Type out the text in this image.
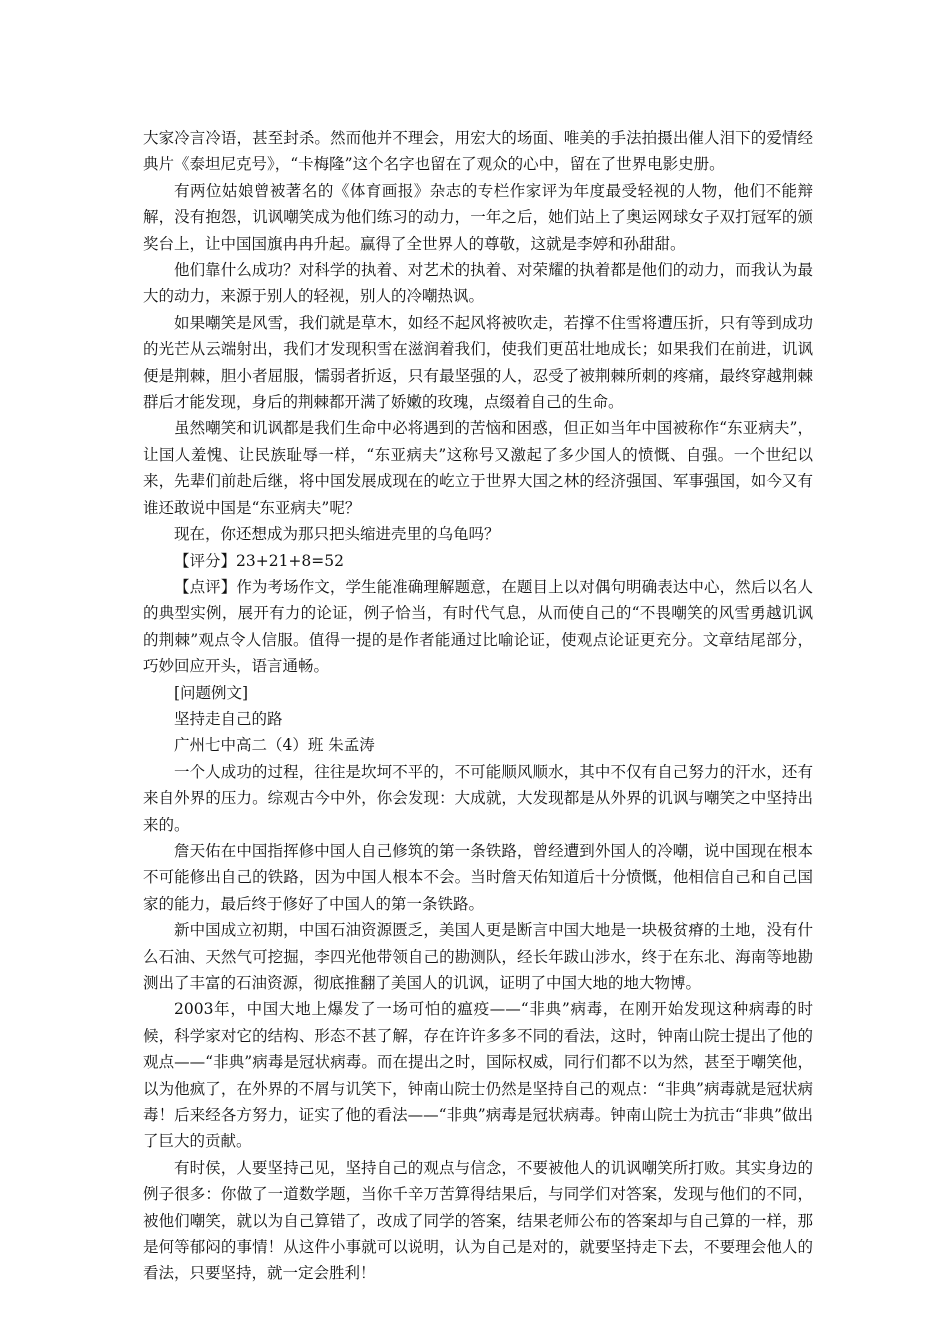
大家冷言冷语，甚至封杀。然而他并不理会，用宏大的场面、唯美的手法拍摄出催人泪下的爱情经典片《泰坦尼克号》，“卡梅隆”这个名字也留在了观众的心中，留在了世界电影史册。

有两位姑娘曾被著名的《体育画报》杂志的专栏作家评为年度最受轻视的人物，他们不能辩解，没有抱怨，讥讽嘲笑成为他们练习的动力，一年之后，她们站上了奥运网球女子双打冠军的颁奖台上，让中国国旗冉冉升起。赢得了全世界人的尊敬，这就是李婷和孙甜甜。

他们靠什么成功？对科学的执着、对艺术的执着、对荣耀的执着都是他们的动力，而我认为最大的动力，来源于别人的轻视，别人的冷嘲热讽。

如果嘲笑是风雪，我们就是草木，如经不起风将被吹走，若撑不住雪将遭压折，只有等到成功的光芒从云端射出，我们才发现积雪在滋润着我们，使我们更茁壮地成长；如果我们在前进，讥讽便是荆棘，胆小者屈服，懦弱者折返，只有最坚强的人，忍受了被荆棘所刺的疼痛，最终穿越荆棘群后才能发现，身后的荆棘都开满了娇嫩的玫瑰，点缀着自己的生命。

虽然嘲笑和讥讽都是我们生命中必将遇到的苦恼和困惑，但正如当年中国被称作“东亚病夫”，让国人羞愧、让民族耻辱一样，“东亚病夫”这称号又激起了多少国人的愤慨、自强。一个世纪以来，先辈们前赴后继，将中国发展成现在的屹立于世界大国之林的经济强国、军事强国，如今又有谁还敢说中国是“东亚病夫”呢？

现在，你还想成为那只把头缩进壳里的乌龟吗？

【评分】23+21+8=52

【点评】作为考场作文，学生能准确理解题意，在题目上以对偶句明确表达中心，然后以名人的典型实例，展开有力的论证，例子恰当，有时代气息，从而使自己的“不畏嘲笑的风雪勇越讥讽的荆棘”观点令人信服。值得一提的是作者能通过比喻论证，使观点论证更充分。文章结尾部分，巧妙回应开头，语言通畅。

[问题例文]

坚持走自己的路

广州七中高二（4）班 朱孟涛

一个人成功的过程，往往是坎坷不平的，不可能顺风顺水，其中不仅有自己努力的汗水，还有来自外界的压力。综观古今中外，你会发现：大成就，大发现都是从外界的讥讽与嘲笑之中坚持出来的。

詹天佑在中国指挥修中国人自己修筑的第一条铁路，曾经遭到外国人的冷嘲，说中国现在根本不可能修出自己的铁路，因为中国人根本不会。当时詹天佑知道后十分愤慨，他相信自己和自己国家的能力，最后终于修好了中国人的第一条铁路。

新中国成立初期，中国石油资源匮乏，美国人更是断言中国大地是一块极贫瘠的土地，没有什么石油、天然气可挖掘，李四光他带领自己的勘测队，经长年跋山涉水，终于在东北、海南等地勘测出了丰富的石油资源，彻底推翻了美国人的讥讽，证明了中国大地的地大物博。

2003年，中国大地上爆发了一场可怕的瘟疫——“非典”病毒，在刚开始发现这种病毒的时候，科学家对它的结构、形态不甚了解，存在许许多多不同的看法，这时，钟南山院士提出了他的观点——“非典”病毒是冠状病毒。而在提出之时，国际权威，同行们都不以为然，甚至于嘲笑他，以为他疯了，在外界的不屑与讥笑下，钟南山院士仍然是坚持自己的观点：“非典”病毒就是冠状病毒！后来经各方努力，证实了他的看法——“非典”病毒是冠状病毒。钟南山院士为抗击“非典”做出了巨大的贡献。

有时侯，人要坚持己见，坚持自己的观点与信念，不要被他人的讥讽嘲笑所打败。其实身边的例子很多：你做了一道数学题，当你千辛万苦算得结果后，与同学们对答案，发现与他们的不同，被他们嘲笑，就以为自己算错了，改成了同学的答案，结果老师公布的答案却与自己算的一样，那是何等郁闷的事情！从这件小事就可以说明，认为自己是对的，就要坚持走下去，不要理会他人的看法，只要坚持，就一定会胜利！
